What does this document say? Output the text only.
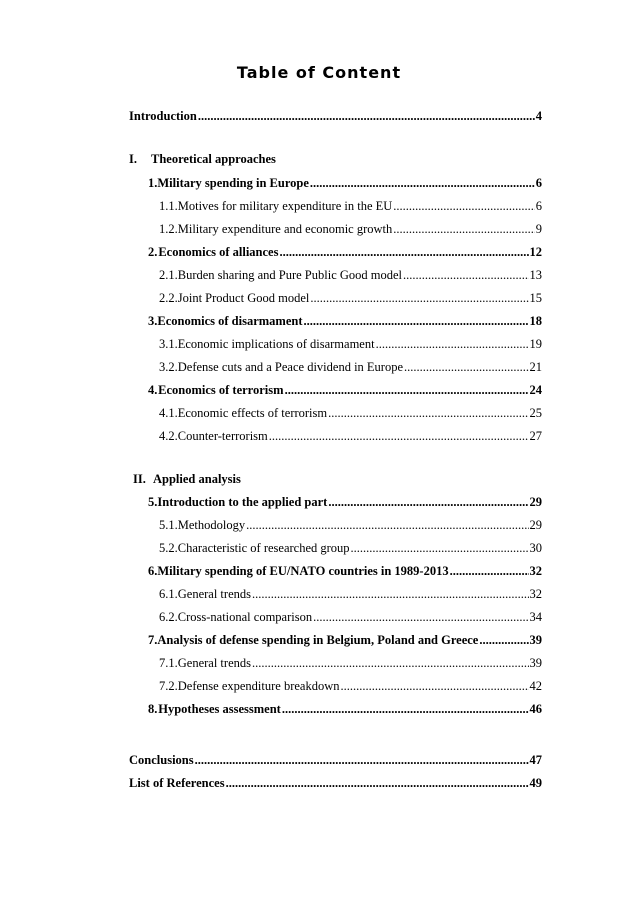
Table of Content
Introduction .....	4
I.	Theoretical approaches
1. Military spending in Europe .....	6
1.1. Motives for military expenditure in the EU .....	6
1.2. Military expenditure and economic growth .....	9
2. Economics of alliances .....	12
2.1. Burden sharing and Pure Public Good model .....	13
2.2. Joint Product Good model .....	15
3. Economics of disarmament .....	18
3.1. Economic implications of disarmament .....	19
3.2. Defense cuts and a Peace dividend in Europe .....	21
4. Economics of terrorism .....	24
4.1. Economic effects of terrorism .....	25
4.2. Counter-terrorism .....	27
II. Applied analysis
5. Introduction to the applied part .....	29
5.1. Methodology .....	29
5.2. Characteristic of researched group .....	30
6. Military spending of EU/NATO countries in 1989-2013 .....	32
6.1. General trends .....	32
6.2. Cross-national comparison .....	34
7. Analysis of defense spending in Belgium, Poland and Greece .....	39
7.1. General trends .....	39
7.2. Defense expenditure breakdown .....	42
8. Hypotheses assessment .....	46
Conclusions .....	47
List of References .....	49
